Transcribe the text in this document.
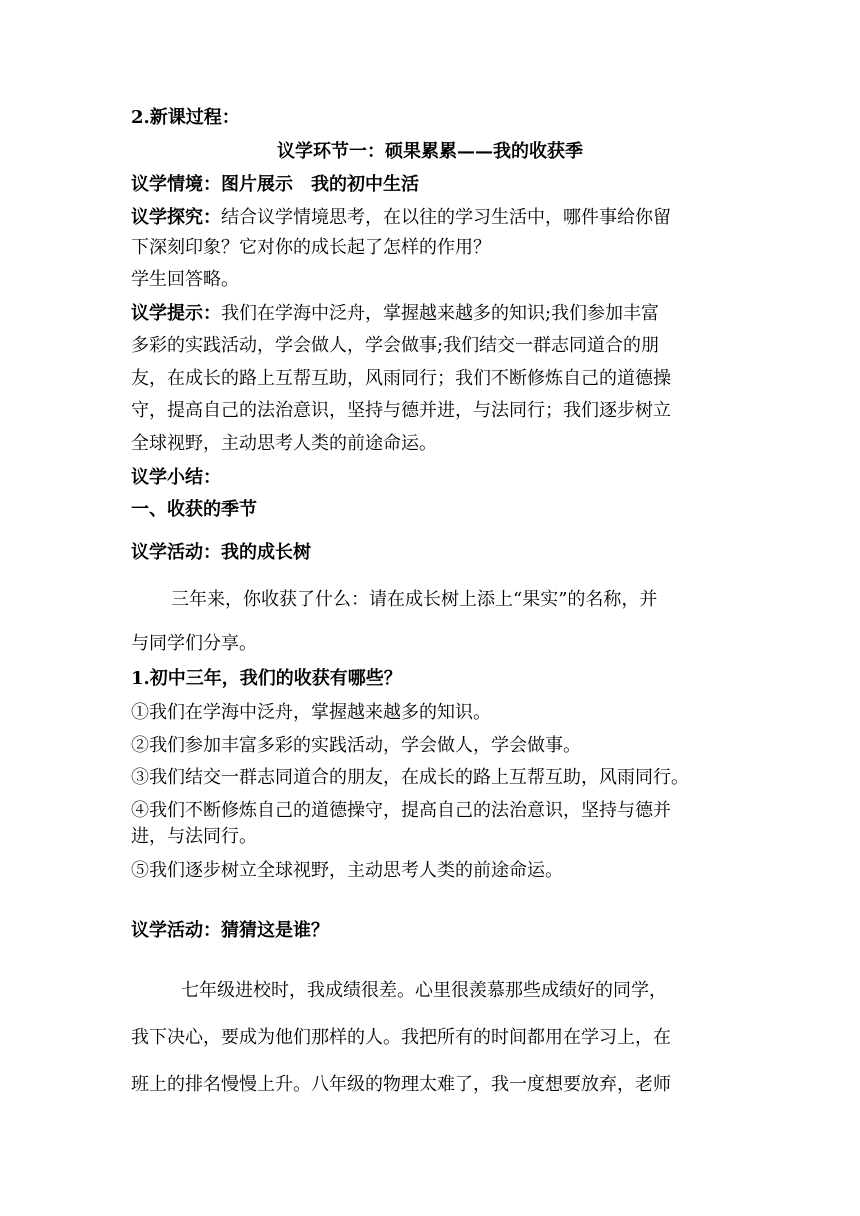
2.新课过程：
议学环节一：硕果累累——我的收获季
议学情境：图片展示　我的初中生活
议学探究：结合议学情境思考，在以往的学习生活中，哪件事给你留
下深刻印象？它对你的成长起了怎样的作用？
学生回答略。
议学提示：我们在学海中泛舟，掌握越来越多的知识;我们参加丰富
多彩的实践活动，学会做人，学会做事;我们结交一群志同道合的朋
友，在成长的路上互帮互助，风雨同行；我们不断修炼自己的道德操
守，提高自己的法治意识，坚持与德并进，与法同行；我们逐步树立
全球视野，主动思考人类的前途命运。
议学小结：
一、收获的季节
议学活动：我的成长树
三年来，你收获了什么：请在成长树上添上“果实”的名称，并
与同学们分享。
1.初中三年，我们的收获有哪些？
①我们在学海中泛舟，掌握越来越多的知识。
②我们参加丰富多彩的实践活动，学会做人，学会做事。
③我们结交一群志同道合的朋友，在成长的路上互帮互助，风雨同行。
④我们不断修炼自己的道德操守，提高自己的法治意识，坚持与德并
进，与法同行。
⑤我们逐步树立全球视野，主动思考人类的前途命运。
议学活动：猜猜这是谁？
七年级进校时，我成绩很差。心里很羡慕那些成绩好的同学，
我下决心，要成为他们那样的人。我把所有的时间都用在学习上，在
班上的排名慢慢上升。八年级的物理太难了，我一度想要放弃，老师
